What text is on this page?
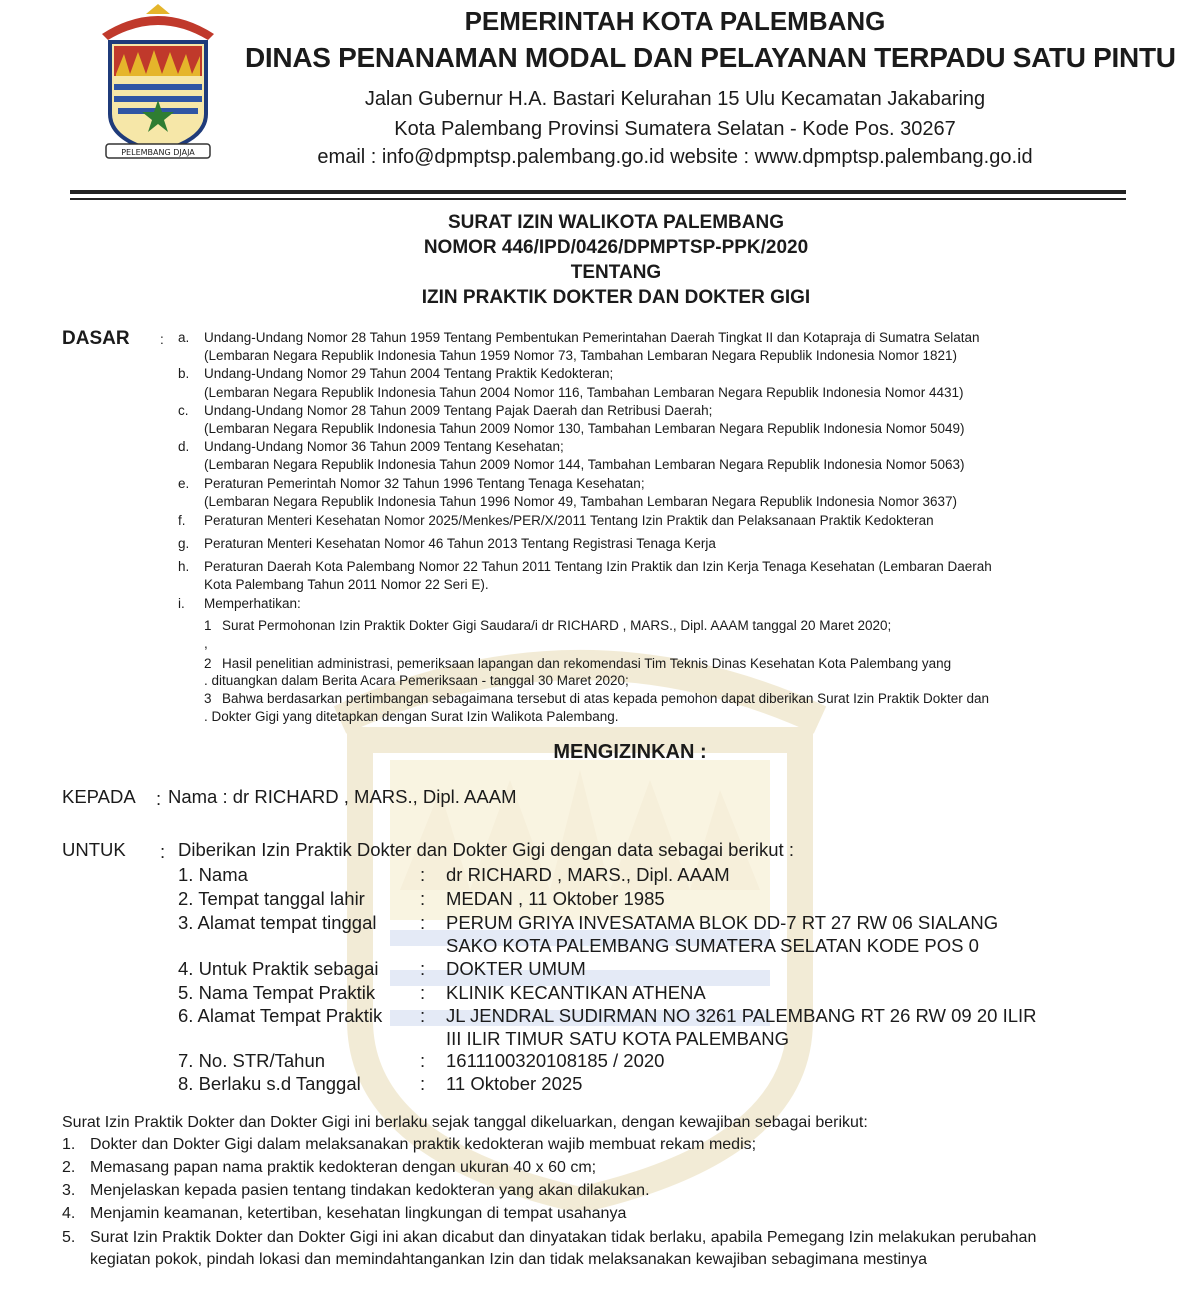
PELEMBANG DJAJA
PEMERINTAH KOTA PALEMBANG
DINAS PENANAMAN MODAL DAN PELAYANAN TERPADU SATU PINTU
Jalan Gubernur H.A. Bastari Kelurahan 15 Ulu Kecamatan Jakabaring
Kota Palembang Provinsi Sumatera Selatan - Kode Pos. 30267
email : info@dpmptsp.palembang.go.id website : www.dpmptsp.palembang.go.id
SURAT IZIN WALIKOTA PALEMBANG
NOMOR 446/IPD/0426/DPMPTSP-PPK/2020
TENTANG
IZIN PRAKTIK DOKTER DAN DOKTER GIGI
DASAR : a. Undang-Undang Nomor 28 Tahun 1959 Tentang Pembentukan Pemerintahan Daerah Tingkat II dan Kotapraja di Sumatra Selatan
(Lembaran Negara Republik Indonesia Tahun 1959 Nomor 73, Tambahan Lembaran Negara Republik Indonesia Nomor 1821)
b. Undang-Undang Nomor 29 Tahun 2004 Tentang Praktik Kedokteran;
(Lembaran Negara Republik Indonesia Tahun 2004 Nomor 116, Tambahan Lembaran Negara Republik Indonesia Nomor 4431)
c. Undang-Undang Nomor 28 Tahun 2009 Tentang Pajak Daerah dan Retribusi Daerah;
(Lembaran Negara Republik Indonesia Tahun 2009 Nomor 130, Tambahan Lembaran Negara Republik Indonesia Nomor 5049)
d. Undang-Undang Nomor 36 Tahun 2009 Tentang Kesehatan;
(Lembaran Negara Republik Indonesia Tahun 2009 Nomor 144, Tambahan Lembaran Negara Republik Indonesia Nomor 5063)
e. Peraturan Pemerintah Nomor 32 Tahun 1996 Tentang Tenaga Kesehatan;
(Lembaran Negara Republik Indonesia Tahun 1996 Nomor 49, Tambahan Lembaran Negara Republik Indonesia Nomor 3637)
f. Peraturan Menteri Kesehatan Nomor 2025/Menkes/PER/X/2011 Tentang Izin Praktik dan Pelaksanaan Praktik Kedokteran
g. Peraturan Menteri Kesehatan Nomor 46 Tahun 2013 Tentang Registrasi Tenaga Kerja
h. Peraturan Daerah Kota Palembang Nomor 22 Tahun 2011 Tentang Izin Praktik dan Izin Kerja Tenaga Kesehatan (Lembaran Daerah
Kota Palembang Tahun 2011 Nomor 22 Seri E).
i. Memperhatikan:
1 Surat Permohonan Izin Praktik Dokter Gigi Saudara/i dr RICHARD , MARS., Dipl. AAAM tanggal 20 Maret 2020;
,
2 Hasil penelitian administrasi, pemeriksaan lapangan dan rekomendasi Tim Teknis Dinas Kesehatan Kota Palembang yang
. dituangkan dalam Berita Acara Pemeriksaan - tanggal 30 Maret 2020;
3 Bahwa berdasarkan pertimbangan sebagaimana tersebut di atas kepada pemohon dapat diberikan Surat Izin Praktik Dokter dan
. Dokter Gigi yang ditetapkan dengan Surat Izin Walikota Palembang.
MENGIZINKAN :
KEPADA : Nama : dr RICHARD , MARS., Dipl. AAAM
UNTUK : Diberikan Izin Praktik Dokter dan Dokter Gigi dengan data sebagai berikut :
1. Nama	: dr RICHARD , MARS., Dipl. AAAM
2. Tempat tanggal lahir	: MEDAN , 11 Oktober 1985
3. Alamat tempat tinggal : PERUM GRIYA INVESATAMA BLOK DD-7 RT 27 RW 06 SIALANG
SAKO KOTA PALEMBANG SUMATERA SELATAN KODE POS 0
4. Untuk Praktik sebagai : DOKTER UMUM
5. Nama Tempat Praktik : KLINIK KECANTIKAN ATHENA
6. Alamat Tempat Praktik : JL JENDRAL SUDIRMAN NO 3261 PALEMBANG RT 26 RW 09 20 ILIR
III ILIR TIMUR SATU KOTA PALEMBANG
7. No. STR/Tahun	: 1611100320108185 / 2020
8. Berlaku s.d Tanggal	: 11 Oktober 2025
Surat Izin Praktik Dokter dan Dokter Gigi ini berlaku sejak tanggal dikeluarkan, dengan kewajiban sebagai berikut:
1. Dokter dan Dokter Gigi dalam melaksanakan praktik kedokteran wajib membuat rekam medis;
2. Memasang papan nama praktik kedokteran dengan ukuran 40 x 60 cm;
3. Menjelaskan kepada pasien tentang tindakan kedokteran yang akan dilakukan.
4. Menjamin keamanan, ketertiban, kesehatan lingkungan di tempat usahanya
5. Surat Izin Praktik Dokter dan Dokter Gigi ini akan dicabut dan dinyatakan tidak berlaku, apabila Pemegang Izin melakukan perubahan
kegiatan pokok, pindah lokasi dan memindahtangankan Izin dan tidak melaksanakan kewajiban sebagimana mestinya
